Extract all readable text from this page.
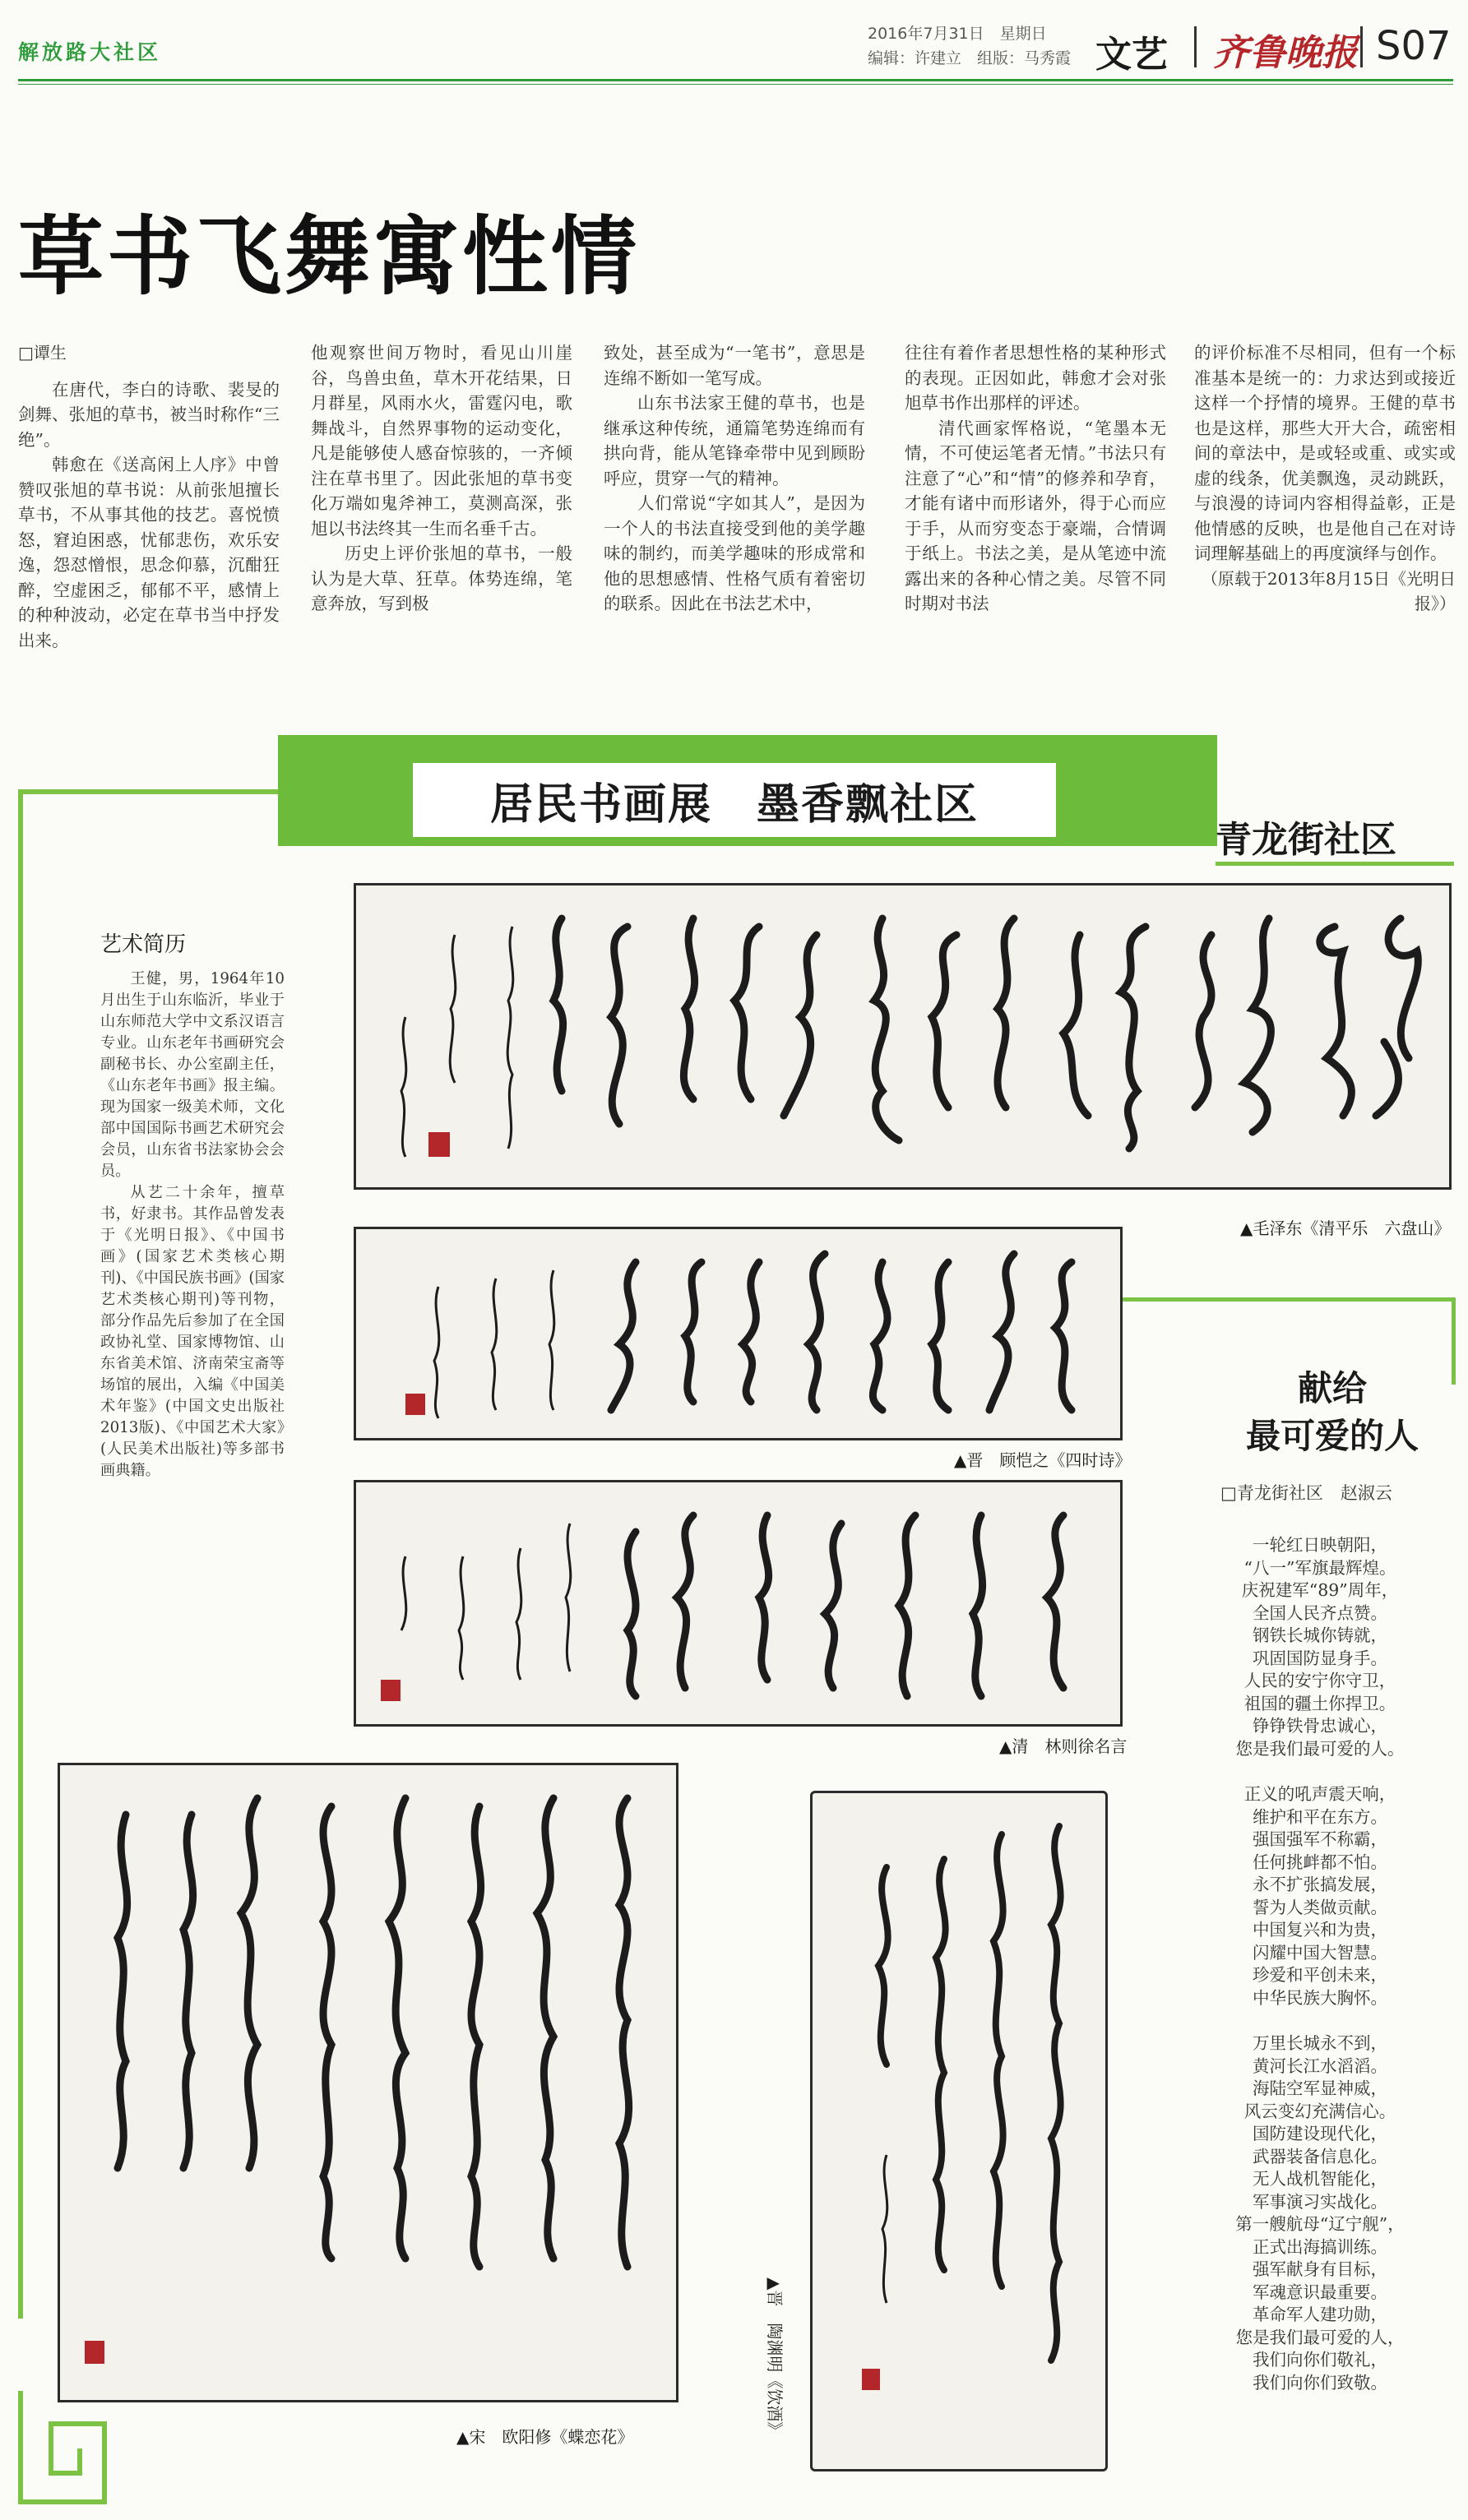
解放路大社区
2016年7月31日　星期日
编辑：许建立　组版：马秀霞 文艺 齐鲁晚报 S07
草书飞舞寓性情
□谭生

在唐代，李白的诗歌、裴旻的剑舞、张旭的草书，被当时称作“三绝”。

韩愈在《送高闲上人序》中曾赞叹张旭的草书说：从前张旭擅长草书，不从事其他的技艺。喜悦愤怒，窘迫困惑，忧郁悲伤，欢乐安逸，怨怼憎恨，思念仰慕，沉酣狂醉，空虚困乏，郁郁不平，感情上的种种波动，必定在草书当中抒发出来。

他观察世间万物时，看见山川崖谷，鸟兽虫鱼，草木开花结果，日月群星，风雨水火，雷霆闪电，歌舞战斗，自然界事物的运动变化，凡是能够使人感奋惊骇的，一齐倾注在草书里了。因此张旭的草书变化万端如鬼斧神工，莫测高深，张旭以书法终其一生而名垂千古。

历史上评价张旭的草书，一般认为是大草、狂草。体势连绵，笔意奔放，写到极

致处，甚至成为“一笔书”，意思是连绵不断如一笔写成。

山东书法家王健的草书，也是继承这种传统，通篇笔势连绵而有拱向背，能从笔锋牵带中见到顾盼呼应，贯穿一气的精神。

人们常说“字如其人”，是因为一个人的书法直接受到他的美学趣味的制约，而美学趣味的形成常和他的思想感情、性格气质有着密切的联系。因此在书法艺术中，

往往有着作者思想性格的某种形式的表现。正因如此，韩愈才会对张旭草书作出那样的评述。

清代画家恽格说，“笔墨本无情，不可使运笔者无情。”书法只有注意了“心”和“情”的修养和孕育，才能有诸中而形诸外，得于心而应于手，从而穷变态于豪端，合情调于纸上。书法之美，是从笔迹中流露出来的各种心情之美。尽管不同时期对书法

的评价标准不尽相同，但有一个标准基本是统一的：力求达到或接近这样一个抒情的境界。王健的草书也是这样，那些大开大合，疏密相间的章法中，是或轻或重、或实或虚的线条，优美飘逸，灵动跳跃，与浪漫的诗词内容相得益彰，正是他情感的反映，也是他自己在对诗词理解基础上的再度演绎与创作。

（原载于2013年8月15日《光明日报》）

居民书画展　墨香飘社区
青龙街社区
艺术简历

王健，男，1964年10月出生于山东临沂，毕业于山东师范大学中文系汉语言专业。山东老年书画研究会副秘书长、办公室副主任，《山东老年书画》报主编。现为国家一级美术师，文化部中国国际书画艺术研究会会员，山东省书法家协会会员。

从艺二十余年，擅草书，好隶书。其作品曾发表于《光明日报》、《中国书画》(国家艺术类核心期刊)、《中国民族书画》(国家艺术类核心期刊)等刊物，部分作品先后参加了在全国政协礼堂、国家博物馆、山东省美术馆、济南荣宝斋等场馆的展出，入编《中国美术年鉴》(中国文史出版社2013版)、《中国艺术大家》(人民美术出版社)等多部书画典籍。

▲毛泽东《清平乐　六盘山》
▲晋　顾恺之《四时诗》
▲清　林则徐名言
▲宋　欧阳修《蝶恋花》	▲晋　陶渊明《饮酒》
献给
最可爱的人
□青龙街社区　赵淑云
一轮红日映朝阳，
“八一”军旗最辉煌。
庆祝建军“89”周年，
全国人民齐点赞。
钢铁长城你铸就，
巩固国防显身手。
人民的安宁你守卫，
祖国的疆土你捍卫。
铮铮铁骨忠诚心，
您是我们最可爱的人。
正义的吼声震天响，
维护和平在东方。
强国强军不称霸，
任何挑衅都不怕。
永不扩张搞发展，
誓为人类做贡献。
中国复兴和为贵，
闪耀中国大智慧。
珍爱和平创未来，
中华民族大胸怀。
万里长城永不到，
黄河长江水滔滔。
海陆空军显神威，
风云变幻充满信心。
国防建设现代化，
武器装备信息化。
无人战机智能化，
军事演习实战化。
第一艘航母“辽宁舰”，
正式出海搞训练。
强军献身有目标，
军魂意识最重要。
革命军人建功勋，
您是我们最可爱的人，
我们向你们敬礼，
我们向你们致敬。
